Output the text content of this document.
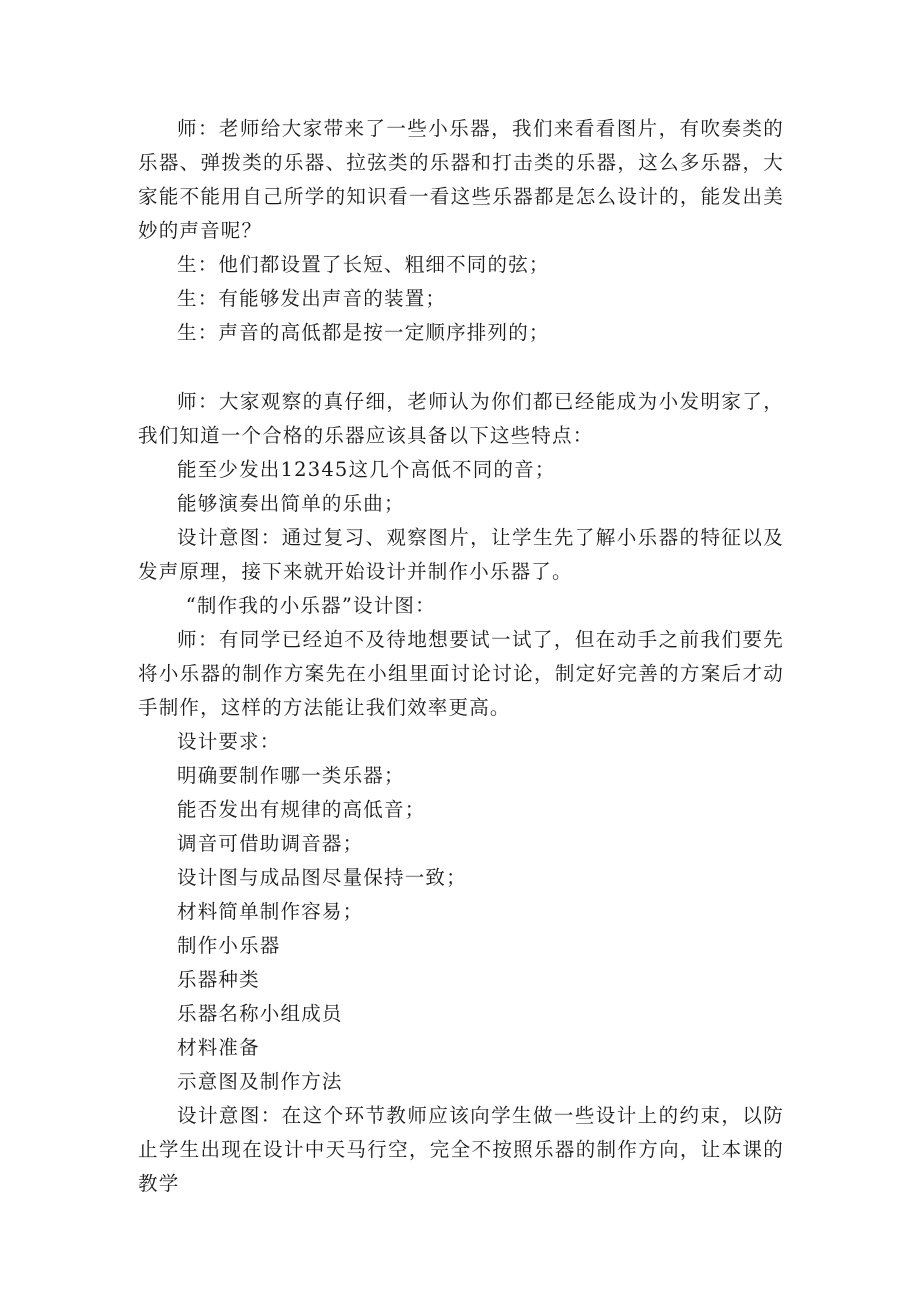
师：老师给大家带来了一些小乐器，我们来看看图片，有吹奏类的乐器、弹拨类的乐器、拉弦类的乐器和打击类的乐器，这么多乐器，大家能不能用自己所学的知识看一看这些乐器都是怎么设计的，能发出美妙的声音呢？

生：他们都设置了长短、粗细不同的弦；

生：有能够发出声音的装置；

生：声音的高低都是按一定顺序排列的；

师：大家观察的真仔细，老师认为你们都已经能成为小发明家了，我们知道一个合格的乐器应该具备以下这些特点：

能至少发出12345这几个高低不同的音；

能够演奏出简单的乐曲；

设计意图：通过复习、观察图片，让学生先了解小乐器的特征以及发声原理，接下来就开始设计并制作小乐器了。

“制作我的小乐器”设计图：

师：有同学已经迫不及待地想要试一试了，但在动手之前我们要先将小乐器的制作方案先在小组里面讨论讨论，制定好完善的方案后才动手制作，这样的方法能让我们效率更高。

设计要求：

明确要制作哪一类乐器；

能否发出有规律的高低音；

调音可借助调音器；

设计图与成品图尽量保持一致；

材料简单制作容易；

制作小乐器

乐器种类

乐器名称小组成员

材料准备

示意图及制作方法

设计意图：在这个环节教师应该向学生做一些设计上的约束，以防止学生出现在设计中天马行空，完全不按照乐器的制作方向，让本课的教学
